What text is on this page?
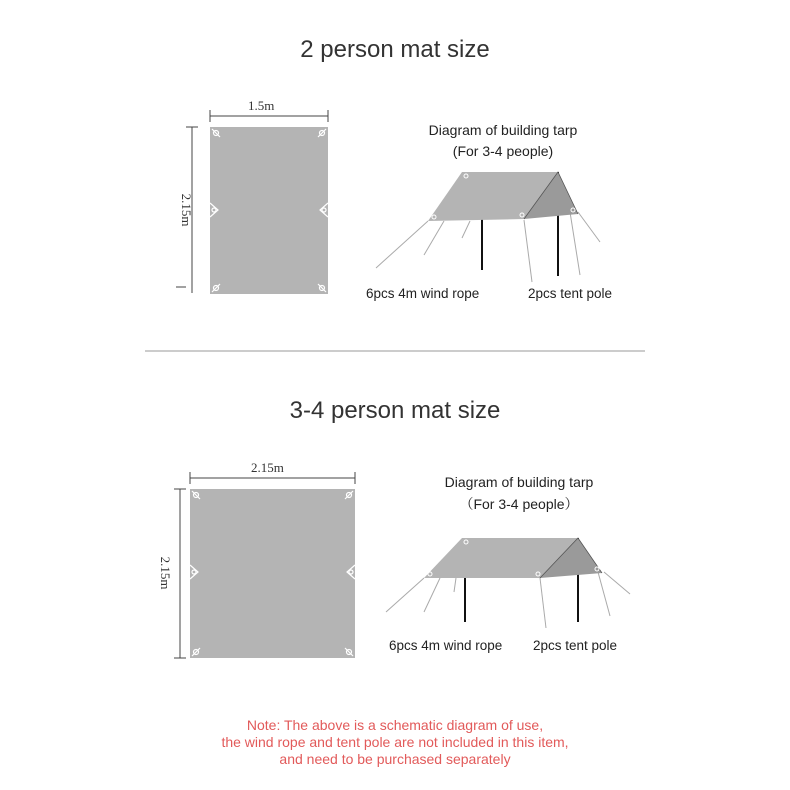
2 person mat size
1.5m
2.15m
Diagram of building tarp
(For 3-4 people)
6pcs 4m wind rope	2pcs tent pole
3-4 person mat size
2.15m
2.15m
Diagram of building tarp
（For 3-4 people）
6pcs 4m wind rope 2pcs tent pole
Note: The above is a schematic diagram of use,
the wind rope and tent pole are not included in this item,
and need to be purchased separately
